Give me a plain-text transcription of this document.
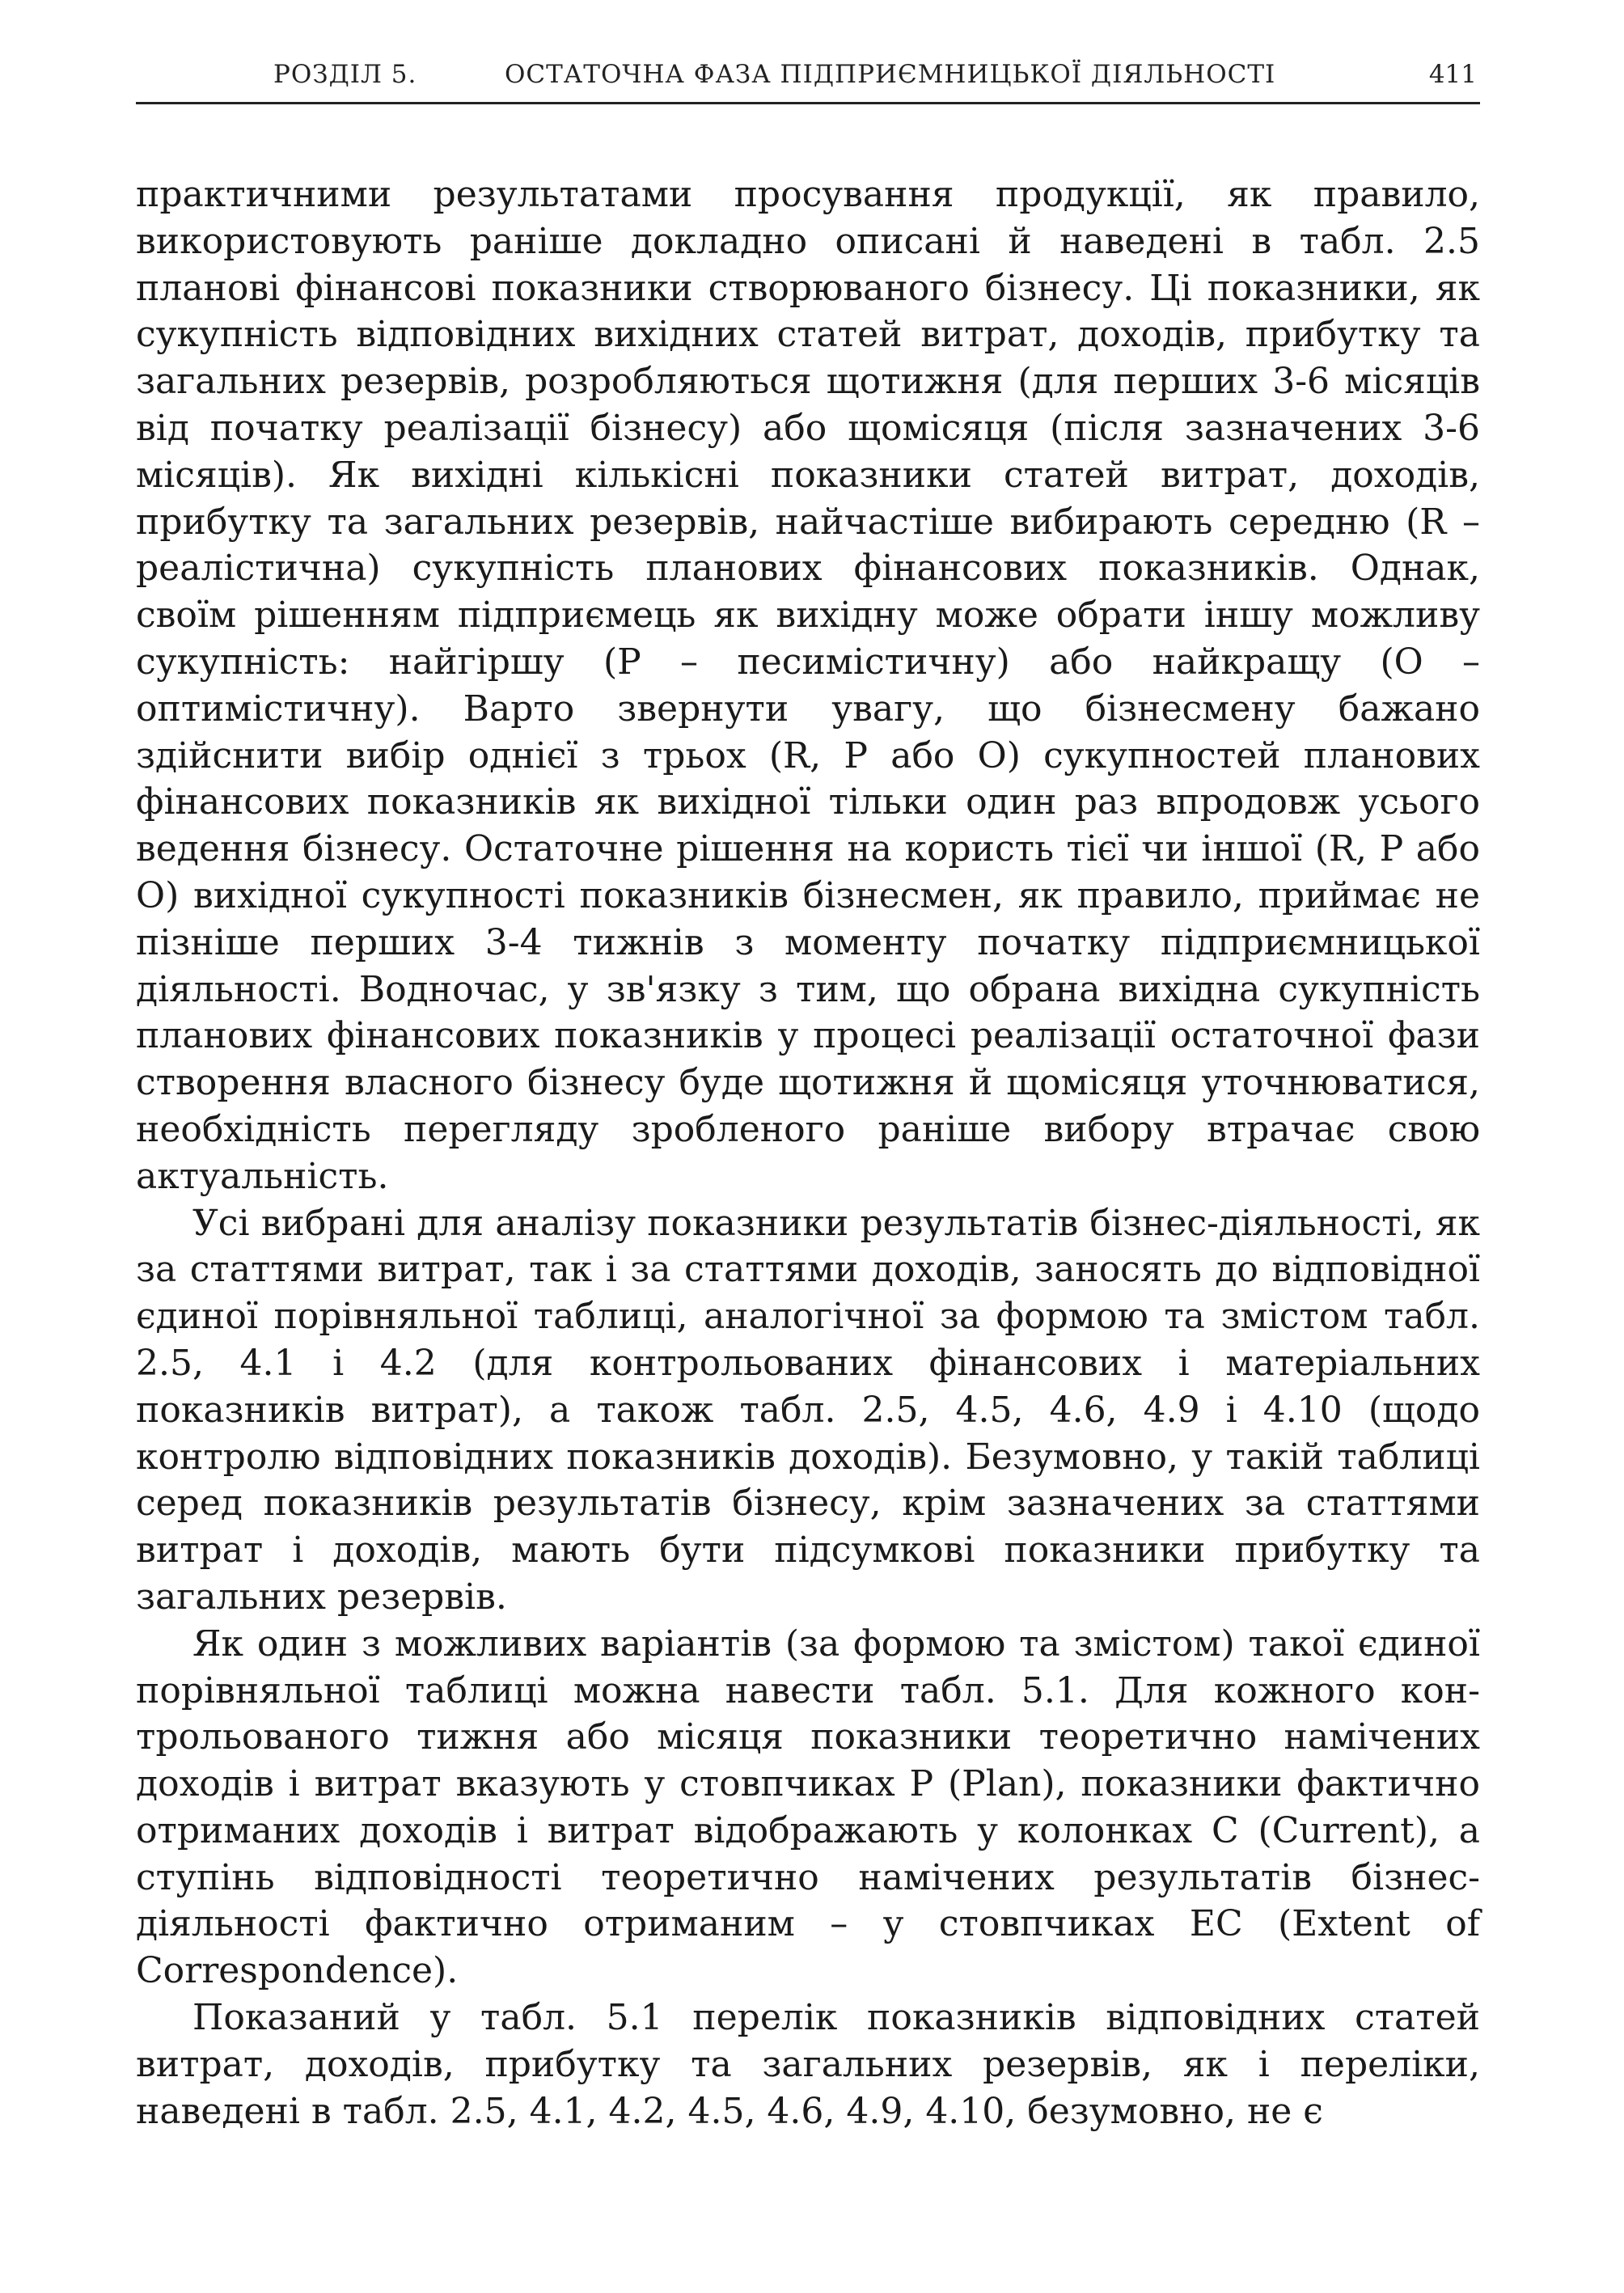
РОЗДІЛ 5.	ОСТАТОЧНА ФАЗА ПІДПРИЄМНИЦЬКОЇ ДІЯЛЬНОСТІ	411

практичними результатами просування продукції, як правило, використовують раніше докладно описані й наведені в табл. 2.5 планові фінансові показники створюваного бізнесу. Ці показники, як сукупність відповідних вихідних статей витрат, доходів, прибутку та загальних резервів, розробляються щотижня (для перших 3-6 місяців від початку реалізації бізнесу) або щомісяця (після зазначених 3-6 місяців). Як вихідні кількісні показники статей витрат, доходів, прибутку та загальних резервів, найчастіше вибирають середню (R – реалістична) сукупність планових фінансових показників. Однак, своїм рішенням підприємець як вихідну може обрати іншу можливу сукупність: найгіршу (P – песимістичну) або найкращу (O – оптимістичну). Варто звернути увагу, що бізнесмену бажано здійснити вибір однієї з трьох (R, P або O) сукупностей планових фінансових показників як вихідної тільки один раз впродовж усього ведення бізнесу. Остаточне рішення на користь тієї чи іншої (R, P або O) вихідної сукупності показників бізнесмен, як правило, приймає не пізніше перших 3-4 тижнів з моменту початку підприємницької діяльності. Водночас, у зв'язку з тим, що обрана вихідна сукупність планових фінансових показників у процесі реалізації остаточної фази створення власного бізнесу буде щотижня й щомісяця уточнюватися, необхідність перегляду зробленого раніше вибору втрачає свою актуальність.

Усі вибрані для аналізу показники результатів бізнес-діяльності, як за статтями витрат, так і за статтями доходів, заносять до відповідної єдиної порівняльної таблиці, аналогічної за формою та змістом табл. 2.5, 4.1 і 4.2 (для контрольованих фінансових і матеріальних показників витрат), а також табл. 2.5, 4.5, 4.6, 4.9 і 4.10 (щодо контролю відповідних показників доходів). Безумовно, у такій таблиці серед показників результатів бізнесу, крім зазначених за статтями витрат і доходів, мають бути підсумкові показники прибутку та загальних резервів.

Як один з можливих варіантів (за формою та змістом) такої єдиної порівняльної таблиці можна навести табл. 5.1. Для кожного контрольованого тижня або місяця показники теоретично намічених доходів і витрат вказують у стовпчиках P (Plan), показники фактично отриманих доходів і витрат відображають у колонках C (Current), а ступінь відповідності теоретично намічених результатів бізнес-діяльності фактично отриманим – у стовпчиках EC (Extent of Correspondence).

Показаний у табл. 5.1 перелік показників відповідних статей витрат, доходів, прибутку та загальних резервів, як і переліки, наведені в табл. 2.5, 4.1, 4.2, 4.5, 4.6, 4.9, 4.10, безумовно, не є
